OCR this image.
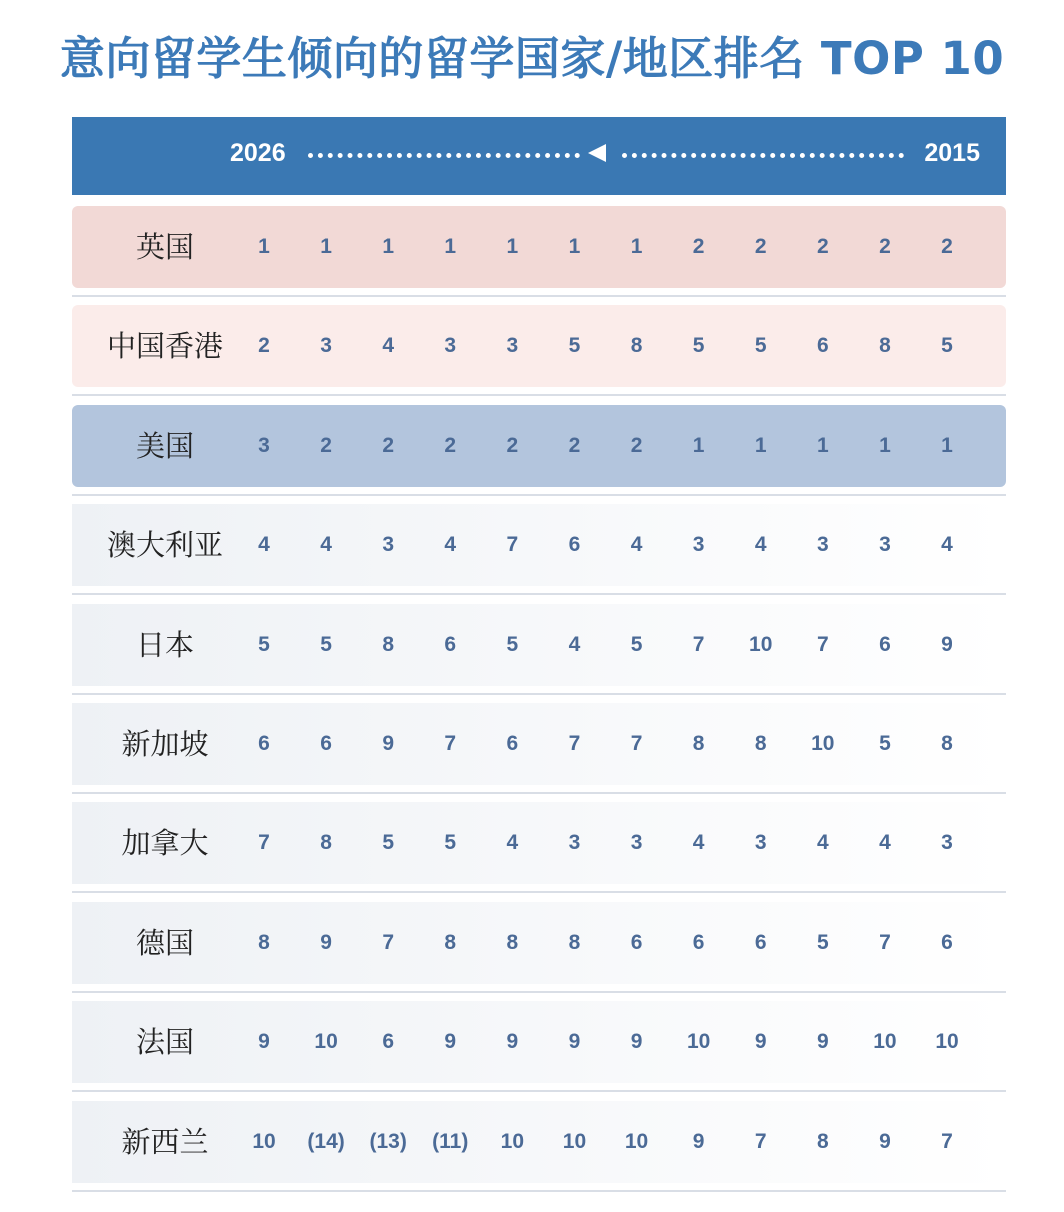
意向留学生倾向的留学国家/地区排名 TOP 10
2026	2015
英国	1	1	1	1	1	1	1	2	2	2	2	2
中国香港	2	3	4	3	3	5	8	5	5	6	8	5
美国	3	2	2	2	2	2	2	1	1	1	1	1
澳大利亚	4	4	3	4	7	6	4	3	4	3	3	4
日本	5	5	8	6	5	4	5	7	10	7	6	9
新加坡	6	6	9	7	6	7	7	8	8	10	5	8
加拿大	7	8	5	5	4	3	3	4	3	4	4	3
德国	8	9	7	8	8	8	6	6	6	5	7	6
法国	9	10	6	9	9	9	9	10	9	9	10	10
新西兰	10	(14)	(13)	(11)	10	10	10	9	7	8	9	7
